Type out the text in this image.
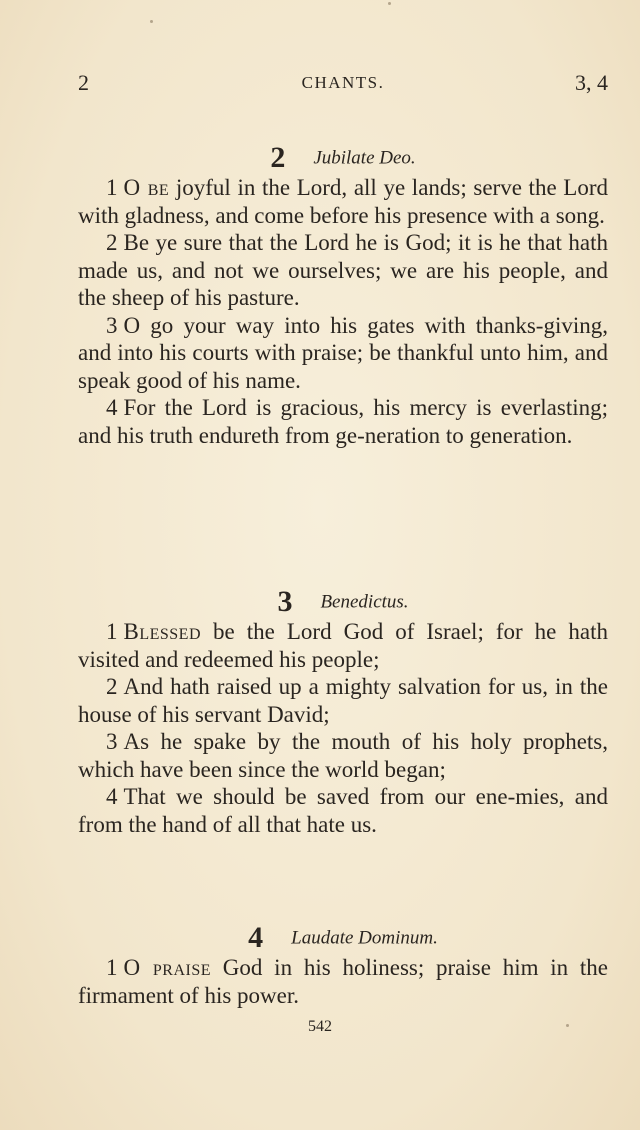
2	CHANTS.	3, 4
2 Jubilate Deo.

1 O be joyful in the Lord, all ye lands; serve the Lord with gladness, and come before his presence with a song.

2 Be ye sure that the Lord he is God; it is he that hath made us, and not we ourselves; we are his people, and the sheep of his pasture.

3 O go your way into his gates with thanks-giving, and into his courts with praise; be thankful unto him, and speak good of his name.

4 For the Lord is gracious, his mercy is everlasting; and his truth endureth from ge-neration to generation.

3 Benedictus.

1 Blessed be the Lord God of Israel; for he hath visited and redeemed his people;

2 And hath raised up a mighty salvation for us, in the house of his servant David;

3 As he spake by the mouth of his holy prophets, which have been since the world began;

4 That we should be saved from our ene-mies, and from the hand of all that hate us.

4 Laudate Dominum.

1 O praise God in his holiness; praise him in the firmament of his power.

542
